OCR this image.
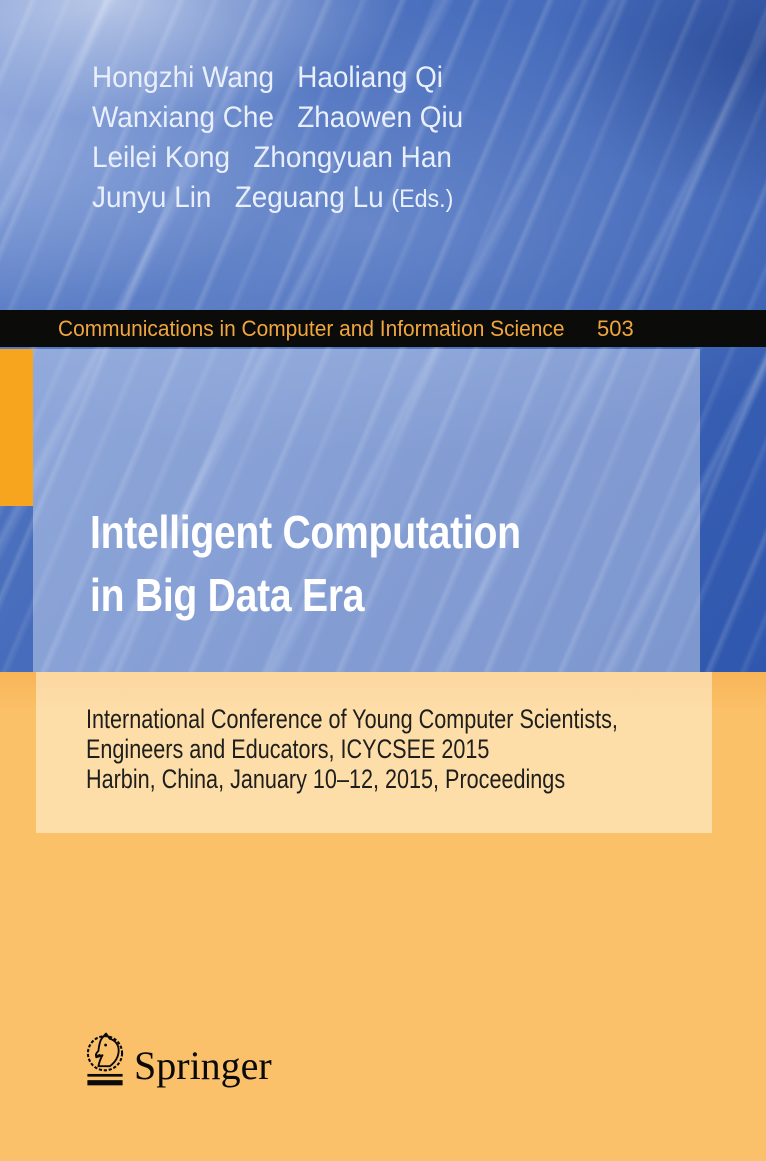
Hongzhi Wang   Haoliang Qi
Wanxiang Che   Zhaowen Qiu
Leilei Kong   Zhongyuan Han
Junyu Lin   Zeguang Lu (Eds.)
Communications in Computer and Information Science 503
Intelligent Computation
in Big Data Era
International Conference of Young Computer Scientists,
Engineers and Educators, ICYCSEE 2015
Harbin, China, January 10–12, 2015, Proceedings
Springer
